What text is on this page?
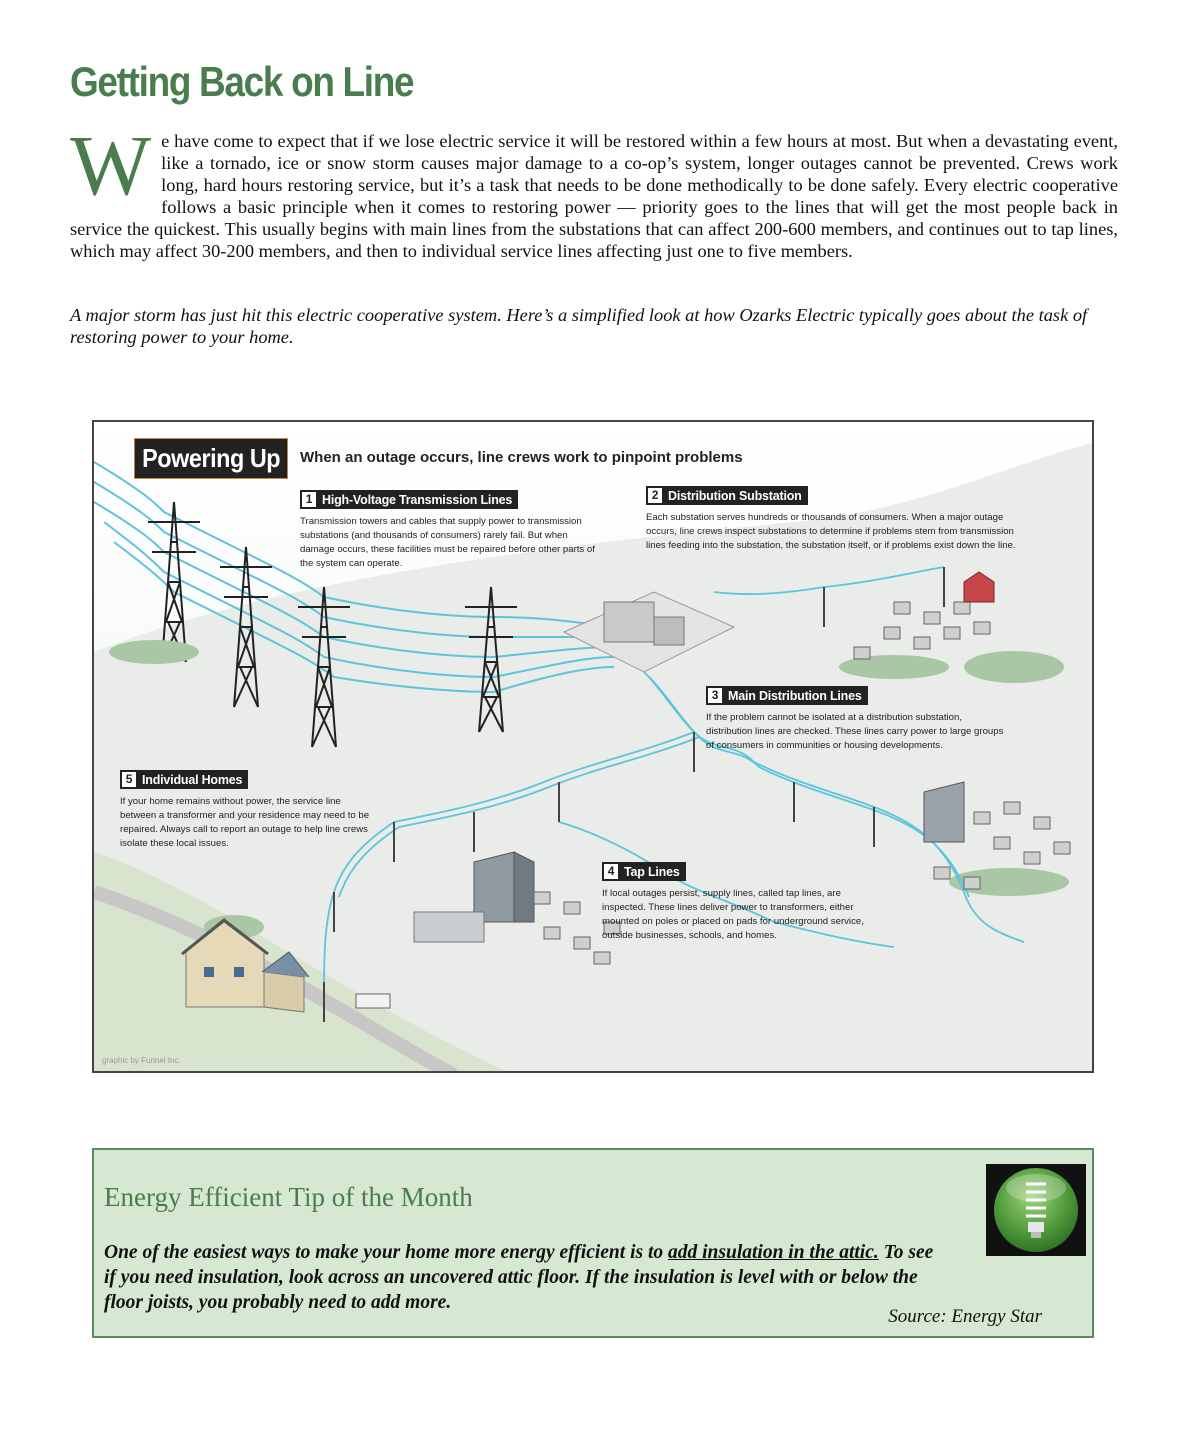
Getting Back on Line

We have come to expect that if we lose electric service it will be restored within a few hours at most. But when a devastating event, like a tornado, ice or snow storm causes major damage to a co-op’s system, longer outages cannot be prevented. Crews work long, hard hours restoring service, but it’s a task that needs to be done methodically to be done safely. Every electric cooperative follows a basic principle when it comes to restoring power — priority goes to the lines that will get the most people back in service the quickest. This usually begins with main lines from the substations that can affect 200-600 members, and continues out to tap lines, which may affect 30-200 members, and then to individual service lines affecting just one to five members.

A major storm has just hit this electric cooperative system. Here’s a simplified look at how Ozarks Electric typically goes about the task of restoring power to your home.

Powering Up	When an outage occurs, line crews work to pinpoint problems
1 High-Voltage Transmission Lines

Transmission towers and cables that supply power to transmission substations (and thousands of consumers) rarely fail. But when damage occurs, these facilities must be repaired before other parts of the system can operate.

2 Distribution Substation

Each substation serves hundreds or thousands of consumers. When a major outage occurs, line crews inspect substations to determine if problems stem from transmission lines feeding into the substation, the substation itself, or if problems exist down the line.

3 Main Distribution Lines

If the problem cannot be isolated at a distribution substation, distribution lines are checked. These lines carry power to large groups of consumers in communities or housing developments.

4 Tap Lines

If local outages persist, supply lines, called tap lines, are inspected. These lines deliver power to transformers, either mounted on poles or placed on pads for underground service, outside businesses, schools, and homes.

5 Individual Homes

If your home remains without power, the service line between a transformer and your residence may need to be repaired. Always call to report an outage to help line crews isolate these local issues.

graphic by Funnel Inc.
Energy Efficient Tip of the Month

One of the easiest ways to make your home more energy efficient is to add insulation in the attic. To see if you need insulation, look across an uncovered attic floor. If the insulation is level with or below the floor joists, you probably need to add more.

Source: Energy Star
